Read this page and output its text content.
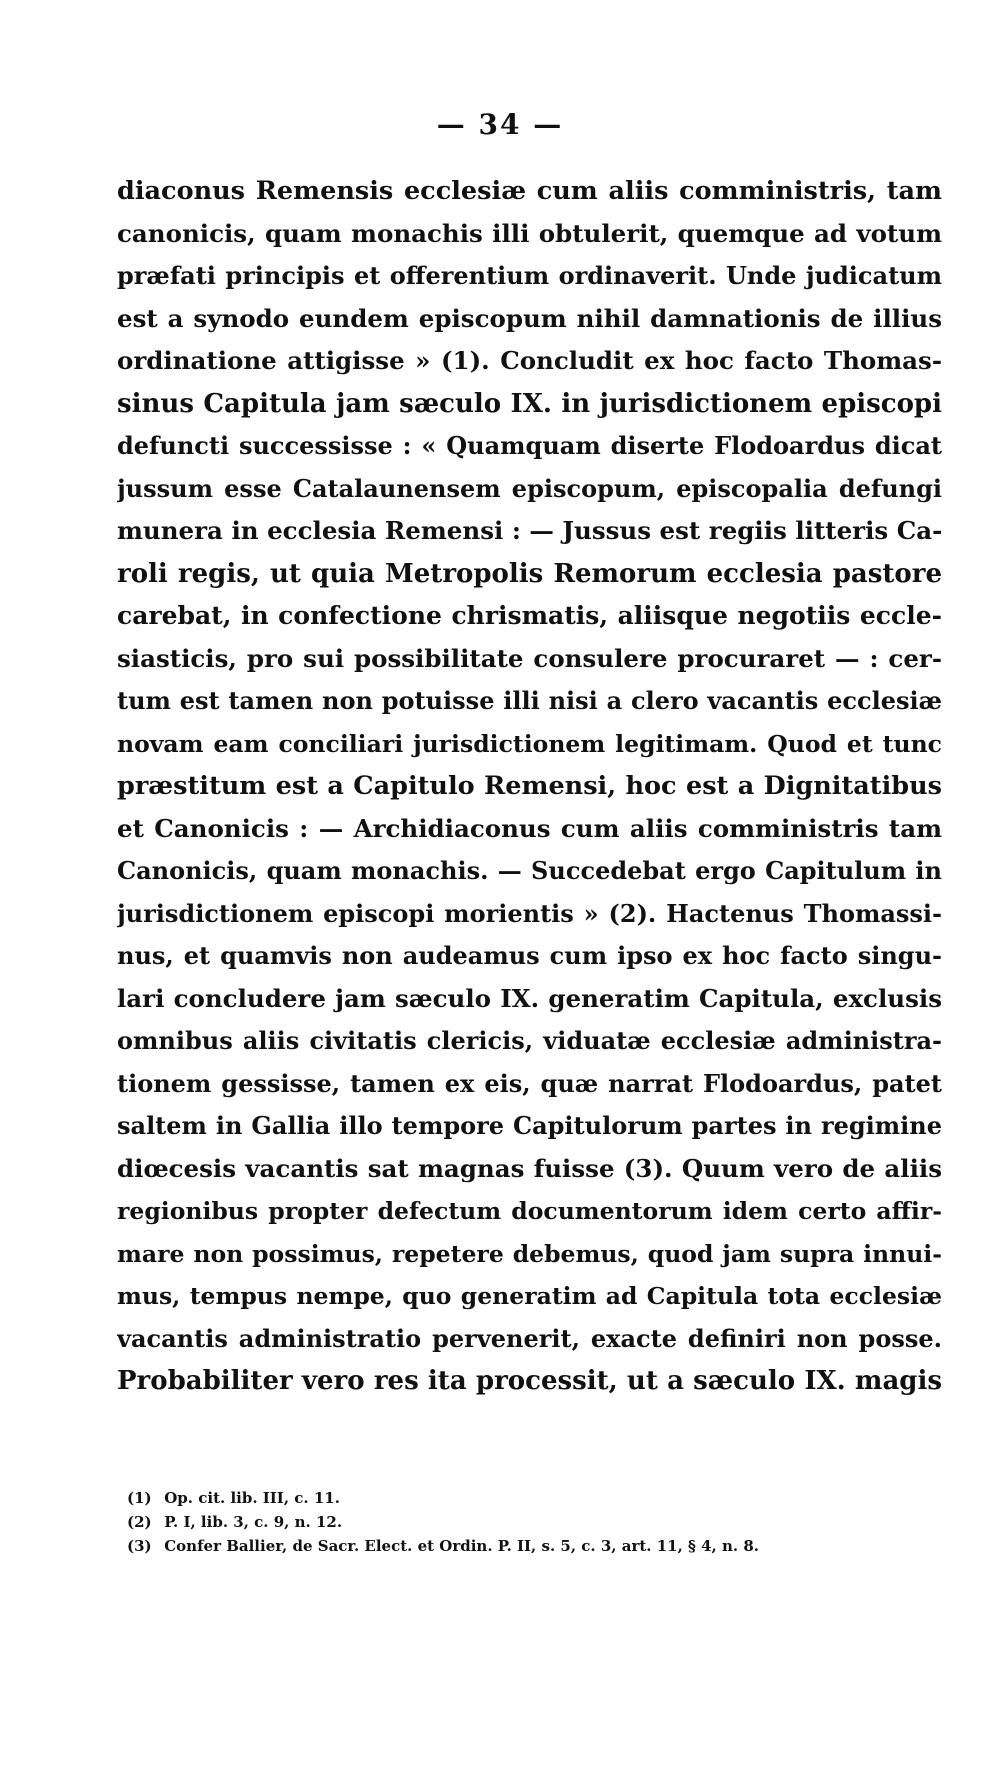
— 34 —
diaconus Remensis ecclesiæ cum aliis comministris, tam
canonicis, quam monachis illi obtulerit, quemque ad votum
præfati principis et offerentium ordinaverit. Unde judicatum
est a synodo eundem episcopum nihil damnationis de illius
ordinatione attigisse » (1). Concludit ex hoc facto Thomas-
sinus Capitula jam sæculo IX. in jurisdictionem episcopi
defuncti successisse : « Quamquam diserte Flodoardus dicat
jussum esse Catalaunensem episcopum, episcopalia defungi
munera in ecclesia Remensi : — Jussus est regiis litteris Ca-
roli regis, ut quia Metropolis Remorum ecclesia pastore
carebat, in confectione chrismatis, aliisque negotiis eccle-
siasticis, pro sui possibilitate consulere procuraret — : cer-
tum est tamen non potuisse illi nisi a clero vacantis ecclesiæ
novam eam conciliari jurisdictionem legitimam. Quod et tunc
præstitum est a Capitulo Remensi, hoc est a Dignitatibus
et Canonicis : — Archidiaconus cum aliis comministris tam
Canonicis, quam monachis. — Succedebat ergo Capitulum in
jurisdictionem episcopi morientis » (2). Hactenus Thomassi-
nus, et quamvis non audeamus cum ipso ex hoc facto singu-
lari concludere jam sæculo IX. generatim Capitula, exclusis
omnibus aliis civitatis clericis, viduatæ ecclesiæ administra-
tionem gessisse, tamen ex eis, quæ narrat Flodoardus, patet
saltem in Gallia illo tempore Capitulorum partes in regimine
diœcesis vacantis sat magnas fuisse (3). Quum vero de aliis
regionibus propter defectum documentorum idem certo affir-
mare non possimus, repetere debemus, quod jam supra innui-
mus, tempus nempe, quo generatim ad Capitula tota ecclesiæ
vacantis administratio pervenerit, exacte definiri non posse.
Probabiliter vero res ita processit, ut a sæculo IX. magis
(1) Op. cit. lib. III, c. 11.
(2) P. I, lib. 3, c. 9, n. 12.
(3) Confer Ballier, de Sacr. Elect. et Ordin. P. II, s. 5, c. 3, art. 11, § 4, n. 8.
